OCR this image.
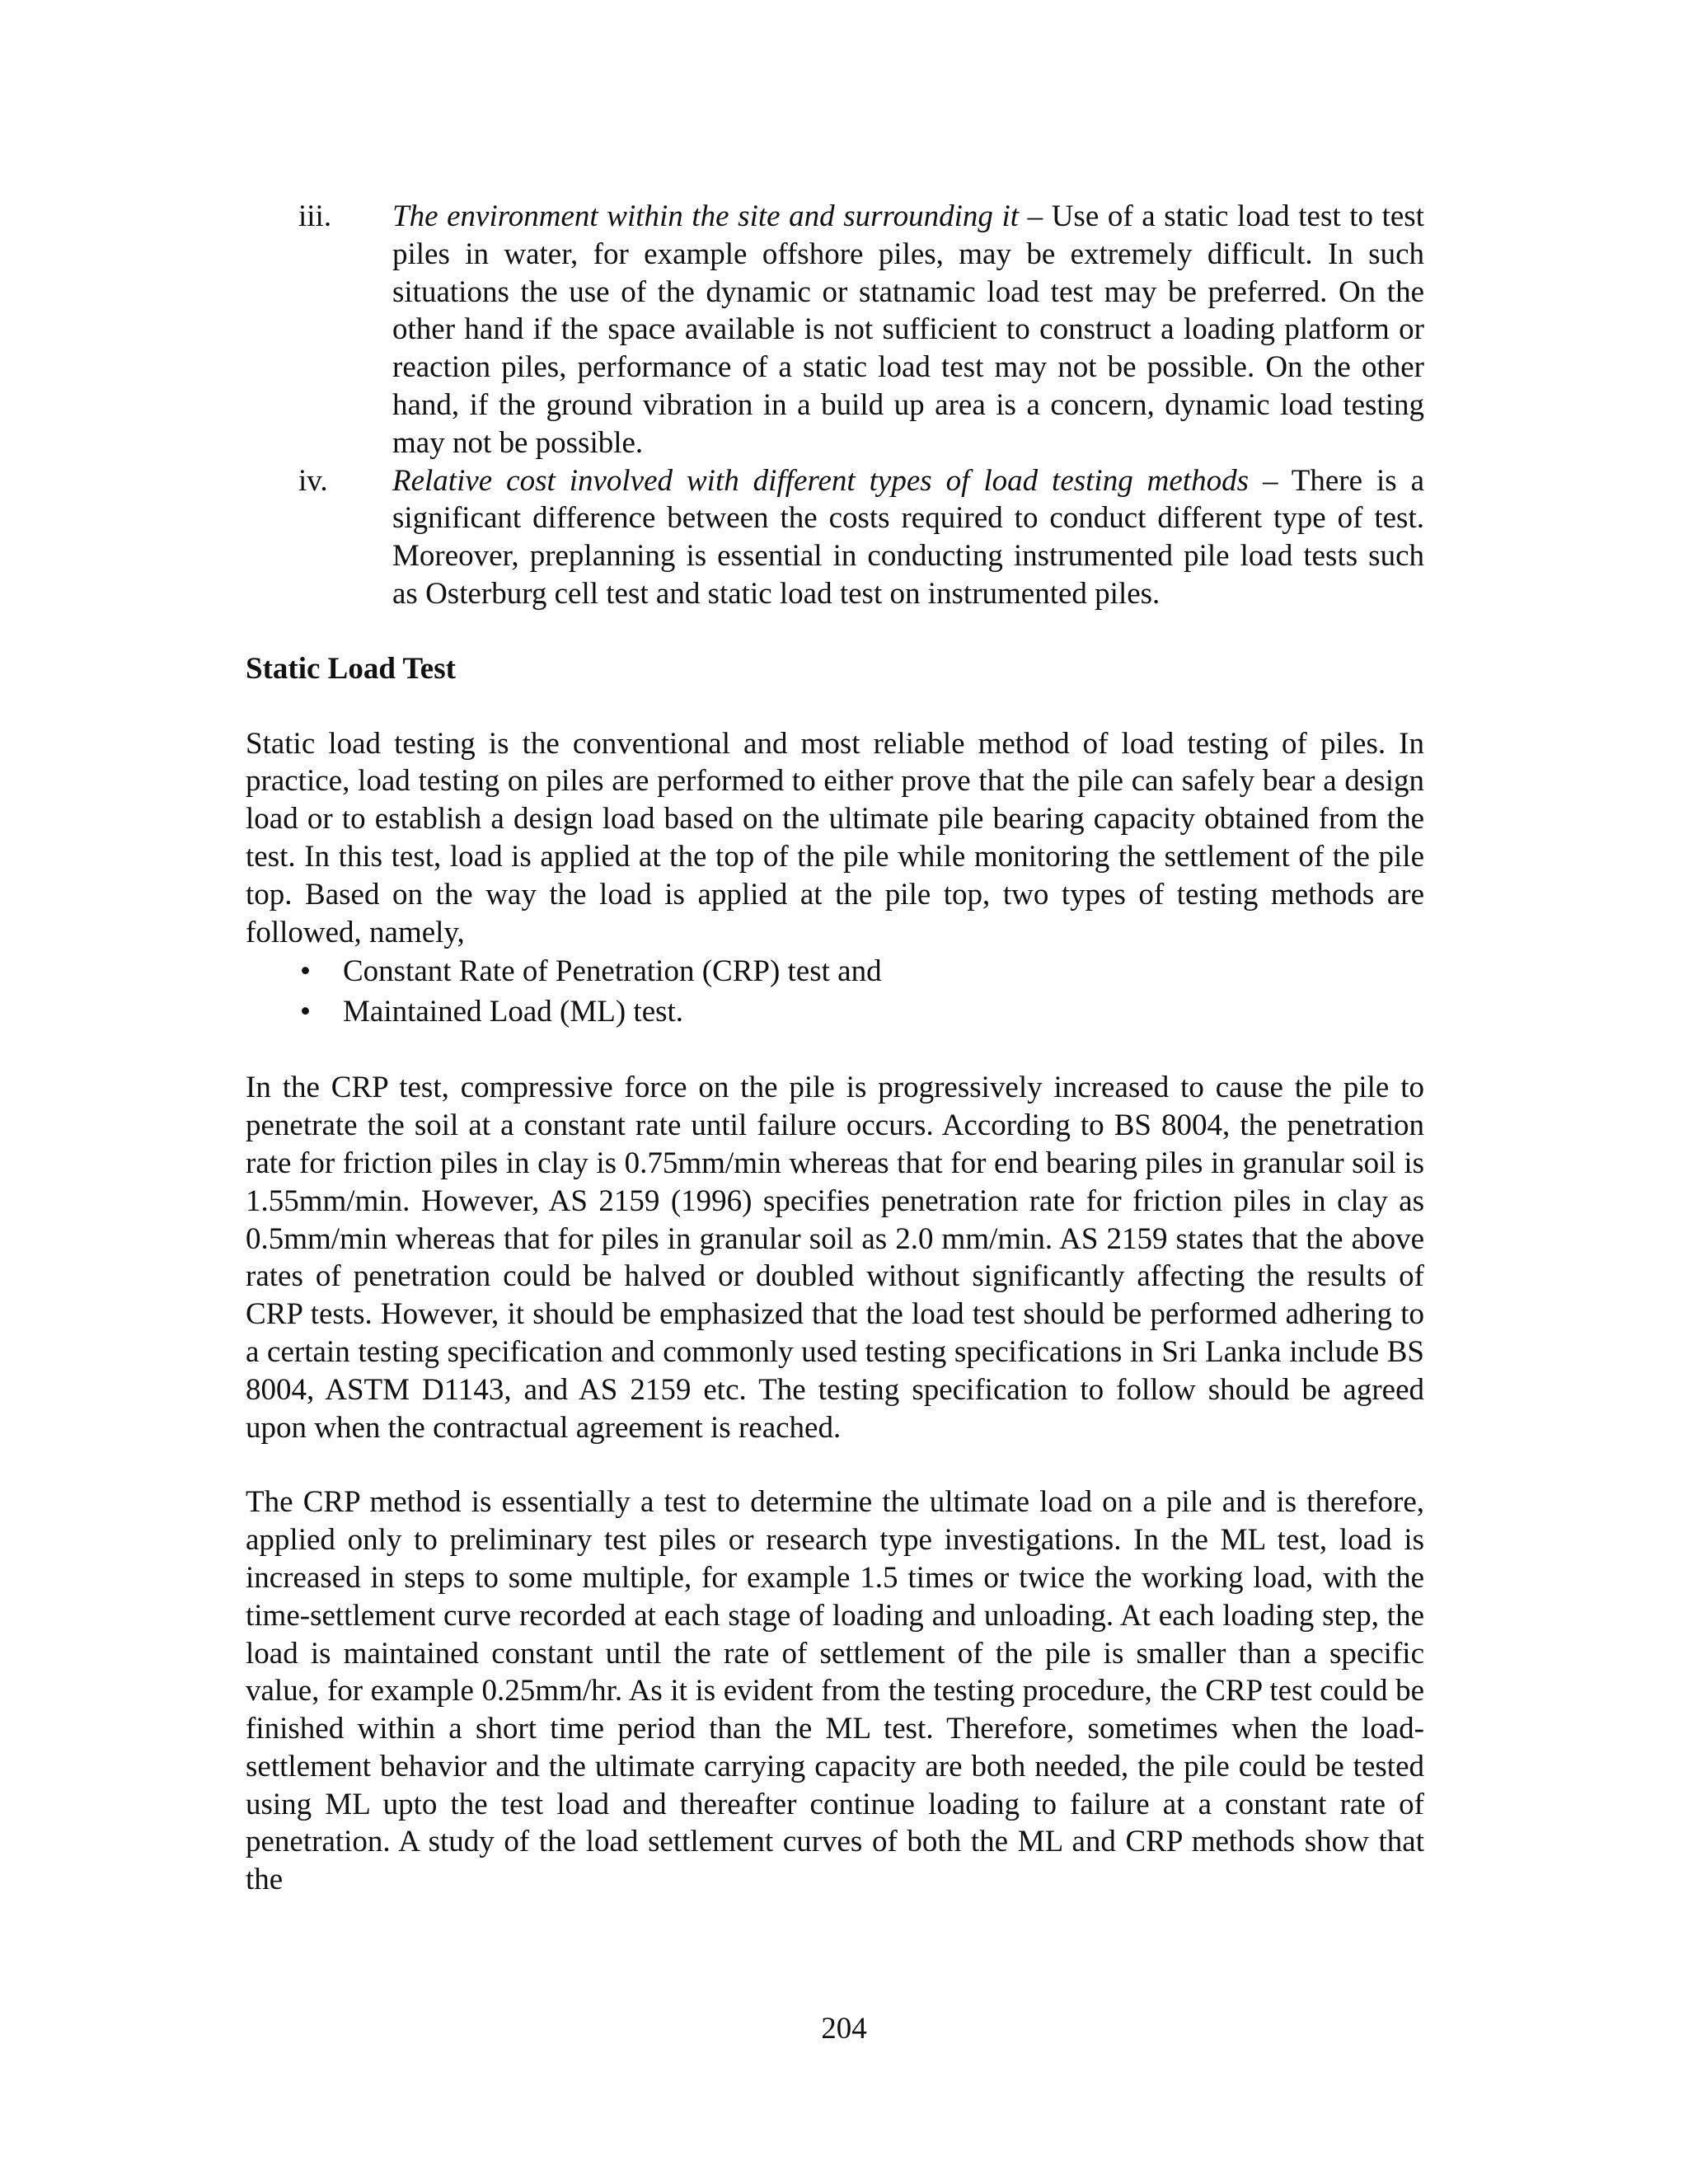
iii. The environment within the site and surrounding it – Use of a static load test to test piles in water, for example offshore piles, may be extremely difficult. In such situations the use of the dynamic or statnamic load test may be preferred. On the other hand if the space available is not sufficient to construct a loading platform or reaction piles, performance of a static load test may not be possible. On the other hand, if the ground vibration in a build up area is a concern, dynamic load testing may not be possible.
iv. Relative cost involved with different types of load testing methods – There is a significant difference between the costs required to conduct different type of test. Moreover, preplanning is essential in conducting instrumented pile load tests such as Osterburg cell test and static load test on instrumented piles.
Static Load Test
Static load testing is the conventional and most reliable method of load testing of piles. In practice, load testing on piles are performed to either prove that the pile can safely bear a design load or to establish a design load based on the ultimate pile bearing capacity obtained from the test. In this test, load is applied at the top of the pile while monitoring the settlement of the pile top. Based on the way the load is applied at the pile top, two types of testing methods are followed, namely,
• Constant Rate of Penetration (CRP) test and
• Maintained Load (ML) test.
In the CRP test, compressive force on the pile is progressively increased to cause the pile to penetrate the soil at a constant rate until failure occurs. According to BS 8004, the penetration rate for friction piles in clay is 0.75mm/min whereas that for end bearing piles in granular soil is 1.55mm/min. However, AS 2159 (1996) specifies penetration rate for friction piles in clay as 0.5mm/min whereas that for piles in granular soil as 2.0 mm/min. AS 2159 states that the above rates of penetration could be halved or doubled without significantly affecting the results of CRP tests. However, it should be emphasized that the load test should be performed adhering to a certain testing specification and commonly used testing specifications in Sri Lanka include BS 8004, ASTM D1143, and AS 2159 etc. The testing specification to follow should be agreed upon when the contractual agreement is reached.
The CRP method is essentially a test to determine the ultimate load on a pile and is therefore, applied only to preliminary test piles or research type investigations. In the ML test, load is increased in steps to some multiple, for example 1.5 times or twice the working load, with the time-settlement curve recorded at each stage of loading and unloading. At each loading step, the load is maintained constant until the rate of settlement of the pile is smaller than a specific value, for example 0.25mm/hr. As it is evident from the testing procedure, the CRP test could be finished within a short time period than the ML test. Therefore, sometimes when the load-settlement behavior and the ultimate carrying capacity are both needed, the pile could be tested using ML upto the test load and thereafter continue loading to failure at a constant rate of penetration. A study of the load settlement curves of both the ML and CRP methods show that the
204
